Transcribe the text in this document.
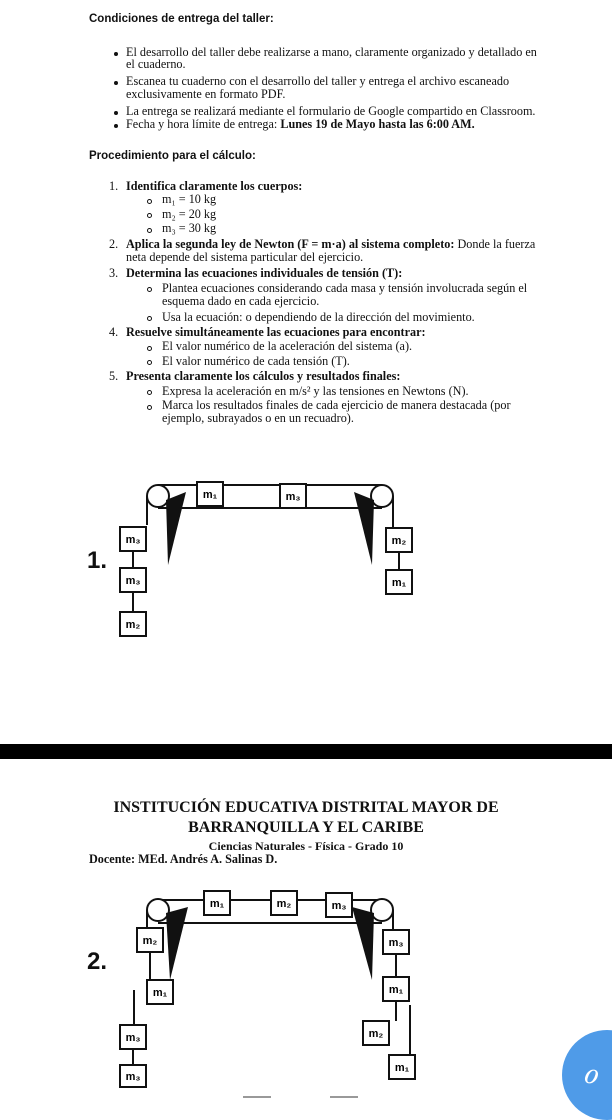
Condiciones de entrega del taller:
El desarrollo del taller debe realizarse a mano, claramente organizado y detallado en
el cuaderno.
Escanea tu cuaderno con el desarrollo del taller y entrega el archivo escaneado
exclusivamente en formato PDF.
La entrega se realizará mediante el formulario de Google compartido en Classroom.
Fecha y hora límite de entrega: Lunes 19 de Mayo hasta las 6:00 AM.
Procedimiento para el cálculo:
1. Identifica claramente los cuerpos:
m₁ = 10 kg
m₂ = 20 kg
m₃ = 30 kg
2. Aplica la segunda ley de Newton (F = m·a) al sistema completo: Donde la fuerza
neta depende del sistema particular del ejercicio.
3. Determina las ecuaciones individuales de tensión (T):
Plantea ecuaciones considerando cada masa y tensión involucrada según el
esquema dado en cada ejercicio.
Usa la ecuación: o dependiendo de la dirección del movimiento.
4. Resuelve simultáneamente las ecuaciones para encontrar:
El valor numérico de la aceleración del sistema (a).
El valor numérico de cada tensión (T).
5. Presenta claramente los cálculos y resultados finales:
Expresa la aceleración en m/s² y las tensiones en Newtons (N).
Marca los resultados finales de cada ejercicio de manera destacada (por
ejemplo, subrayados o en un recuadro).
1.
m₁	m₃
m₃
m₃
m₂
m₂
m₁
INSTITUCIÓN EDUCATIVA DISTRITAL MAYOR DE
BARRANQUILLA Y EL CARIBE
Ciencias Naturales - Física - Grado 10
Docente: MEd. Andrés A. Salinas D.
2.
m₁	m₂	m₃
m₂
m₁
m₃
m₃
m₃
m₁
m₂
m₁	ℴ
